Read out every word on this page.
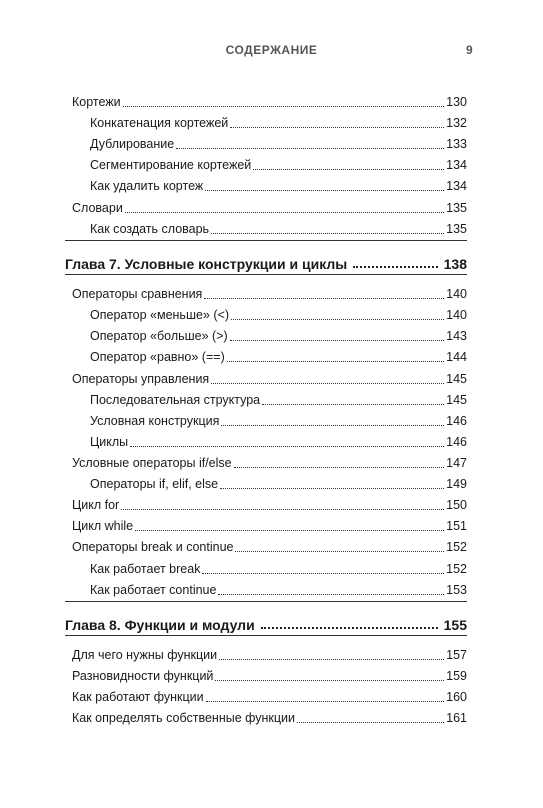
СОДЕРЖАНИЕ	9
Кортежи	130
Конкатенация кортежей	132
Дублирование	133
Сегментирование кортежей	134
Как удалить кортеж	134
Словари	135
Как создать словарь	135
Глава 7. Условные конструкции и циклы	138
Операторы сравнения	140
Оператор «меньше» (<)	140
Оператор «больше» (>)	143
Оператор «равно» (==)	144
Операторы управления	145
Последовательная структура	145
Условная конструкция	146
Циклы	146
Условные операторы if/else	147
Операторы if, elif, else	149
Цикл for	150
Цикл while	151
Операторы break и continue	152
Как работает break	152
Как работает continue	153
Глава 8. Функции и модули	155
Для чего нужны функции	157
Разновидности функций	159
Как работают функции	160
Как определять собственные функции	161
